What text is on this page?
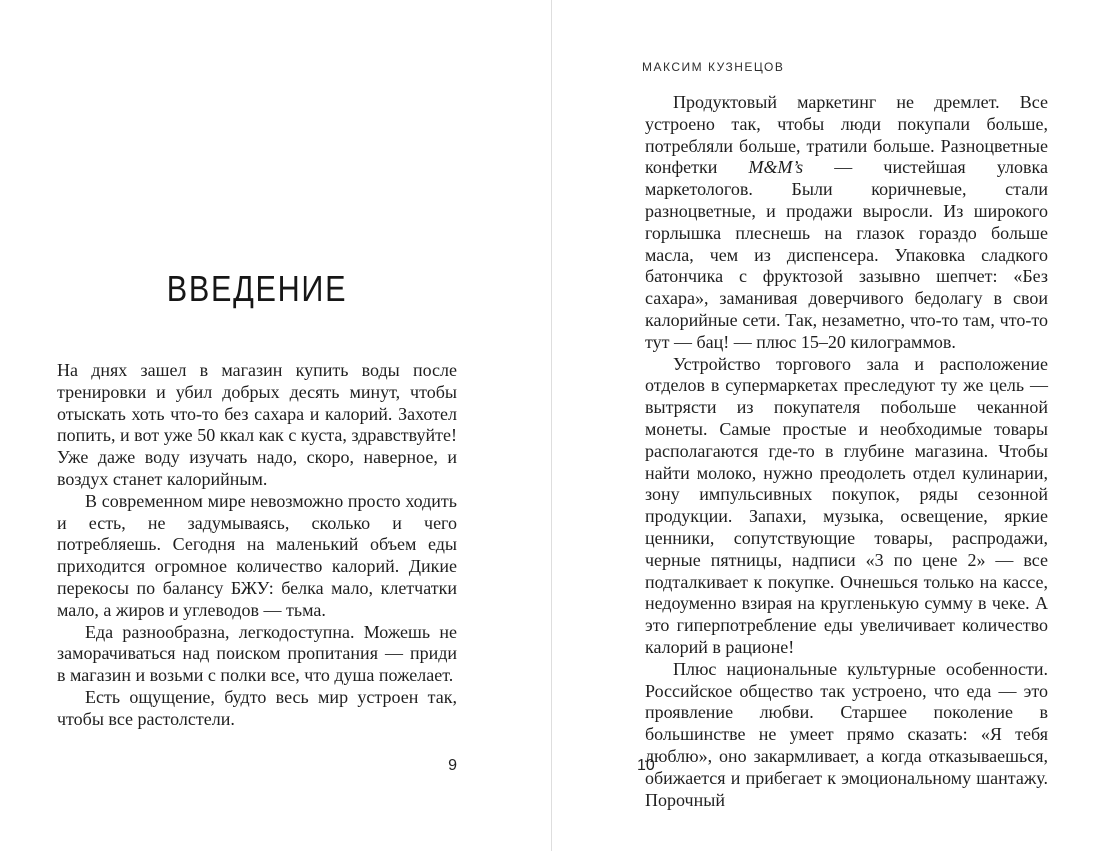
ВВЕДЕНИЕ

На днях зашел в магазин купить воды после тренировки и убил добрых десять минут, чтобы отыскать хоть что-то без сахара и калорий. Захотел попить, и вот уже 50 ккал как с куста, здравствуйте! Уже даже воду изучать надо, скоро, наверное, и воздух станет калорийным.

В современном мире невозможно просто ходить и есть, не задумываясь, сколько и чего потребляешь. Сегодня на маленький объем еды приходится огромное количество калорий. Дикие перекосы по балансу БЖУ: белка мало, клетчатки мало, а жиров и углеводов — тьма.

Еда разнообразна, легкодоступна. Можешь не заморачиваться над поиском пропитания — приди в магазин и возьми с полки все, что душа пожелает.

Есть ощущение, будто весь мир устроен так, чтобы все растолстели.

9
МАКСИМ КУЗНЕЦОВ

Продуктовый маркетинг не дремлет. Все устроено так, чтобы люди покупали больше, потребляли больше, тратили больше. Разноцветные конфетки M&M’s — чистейшая уловка маркетологов. Были коричневые, стали разноцветные, и продажи выросли. Из широкого горлышка плеснешь на глазок гораздо больше масла, чем из диспенсера. Упаковка сладкого батончика с фруктозой зазывно шепчет: «Без сахара», заманивая доверчивого бедолагу в свои калорийные сети. Так, незаметно, что-то там, что-то тут — бац! — плюс 15–20 килограммов.

Устройство торгового зала и расположение отделов в супермаркетах преследуют ту же цель — вытрясти из покупателя побольше чеканной монеты. Самые простые и необходимые товары располагаются где-то в глубине магазина. Чтобы найти молоко, нужно преодолеть отдел кулинарии, зону импульсивных покупок, ряды сезонной продукции. Запахи, музыка, освещение, яркие ценники, сопутствующие товары, распродажи, черные пятницы, надписи «3 по цене 2» — все подталкивает к покупке. Очнешься только на кассе, недоуменно взирая на кругленькую сумму в чеке. А это гиперпотребление еды увеличивает количество калорий в рационе!

Плюс национальные культурные особенности. Российское общество так устроено, что еда — это проявление любви. Старшее поколение в большинстве не умеет прямо сказать: «Я тебя люблю», оно закармливает, а когда отказываешься, обижается и прибегает к эмоциональному шантажу. Порочный

10
